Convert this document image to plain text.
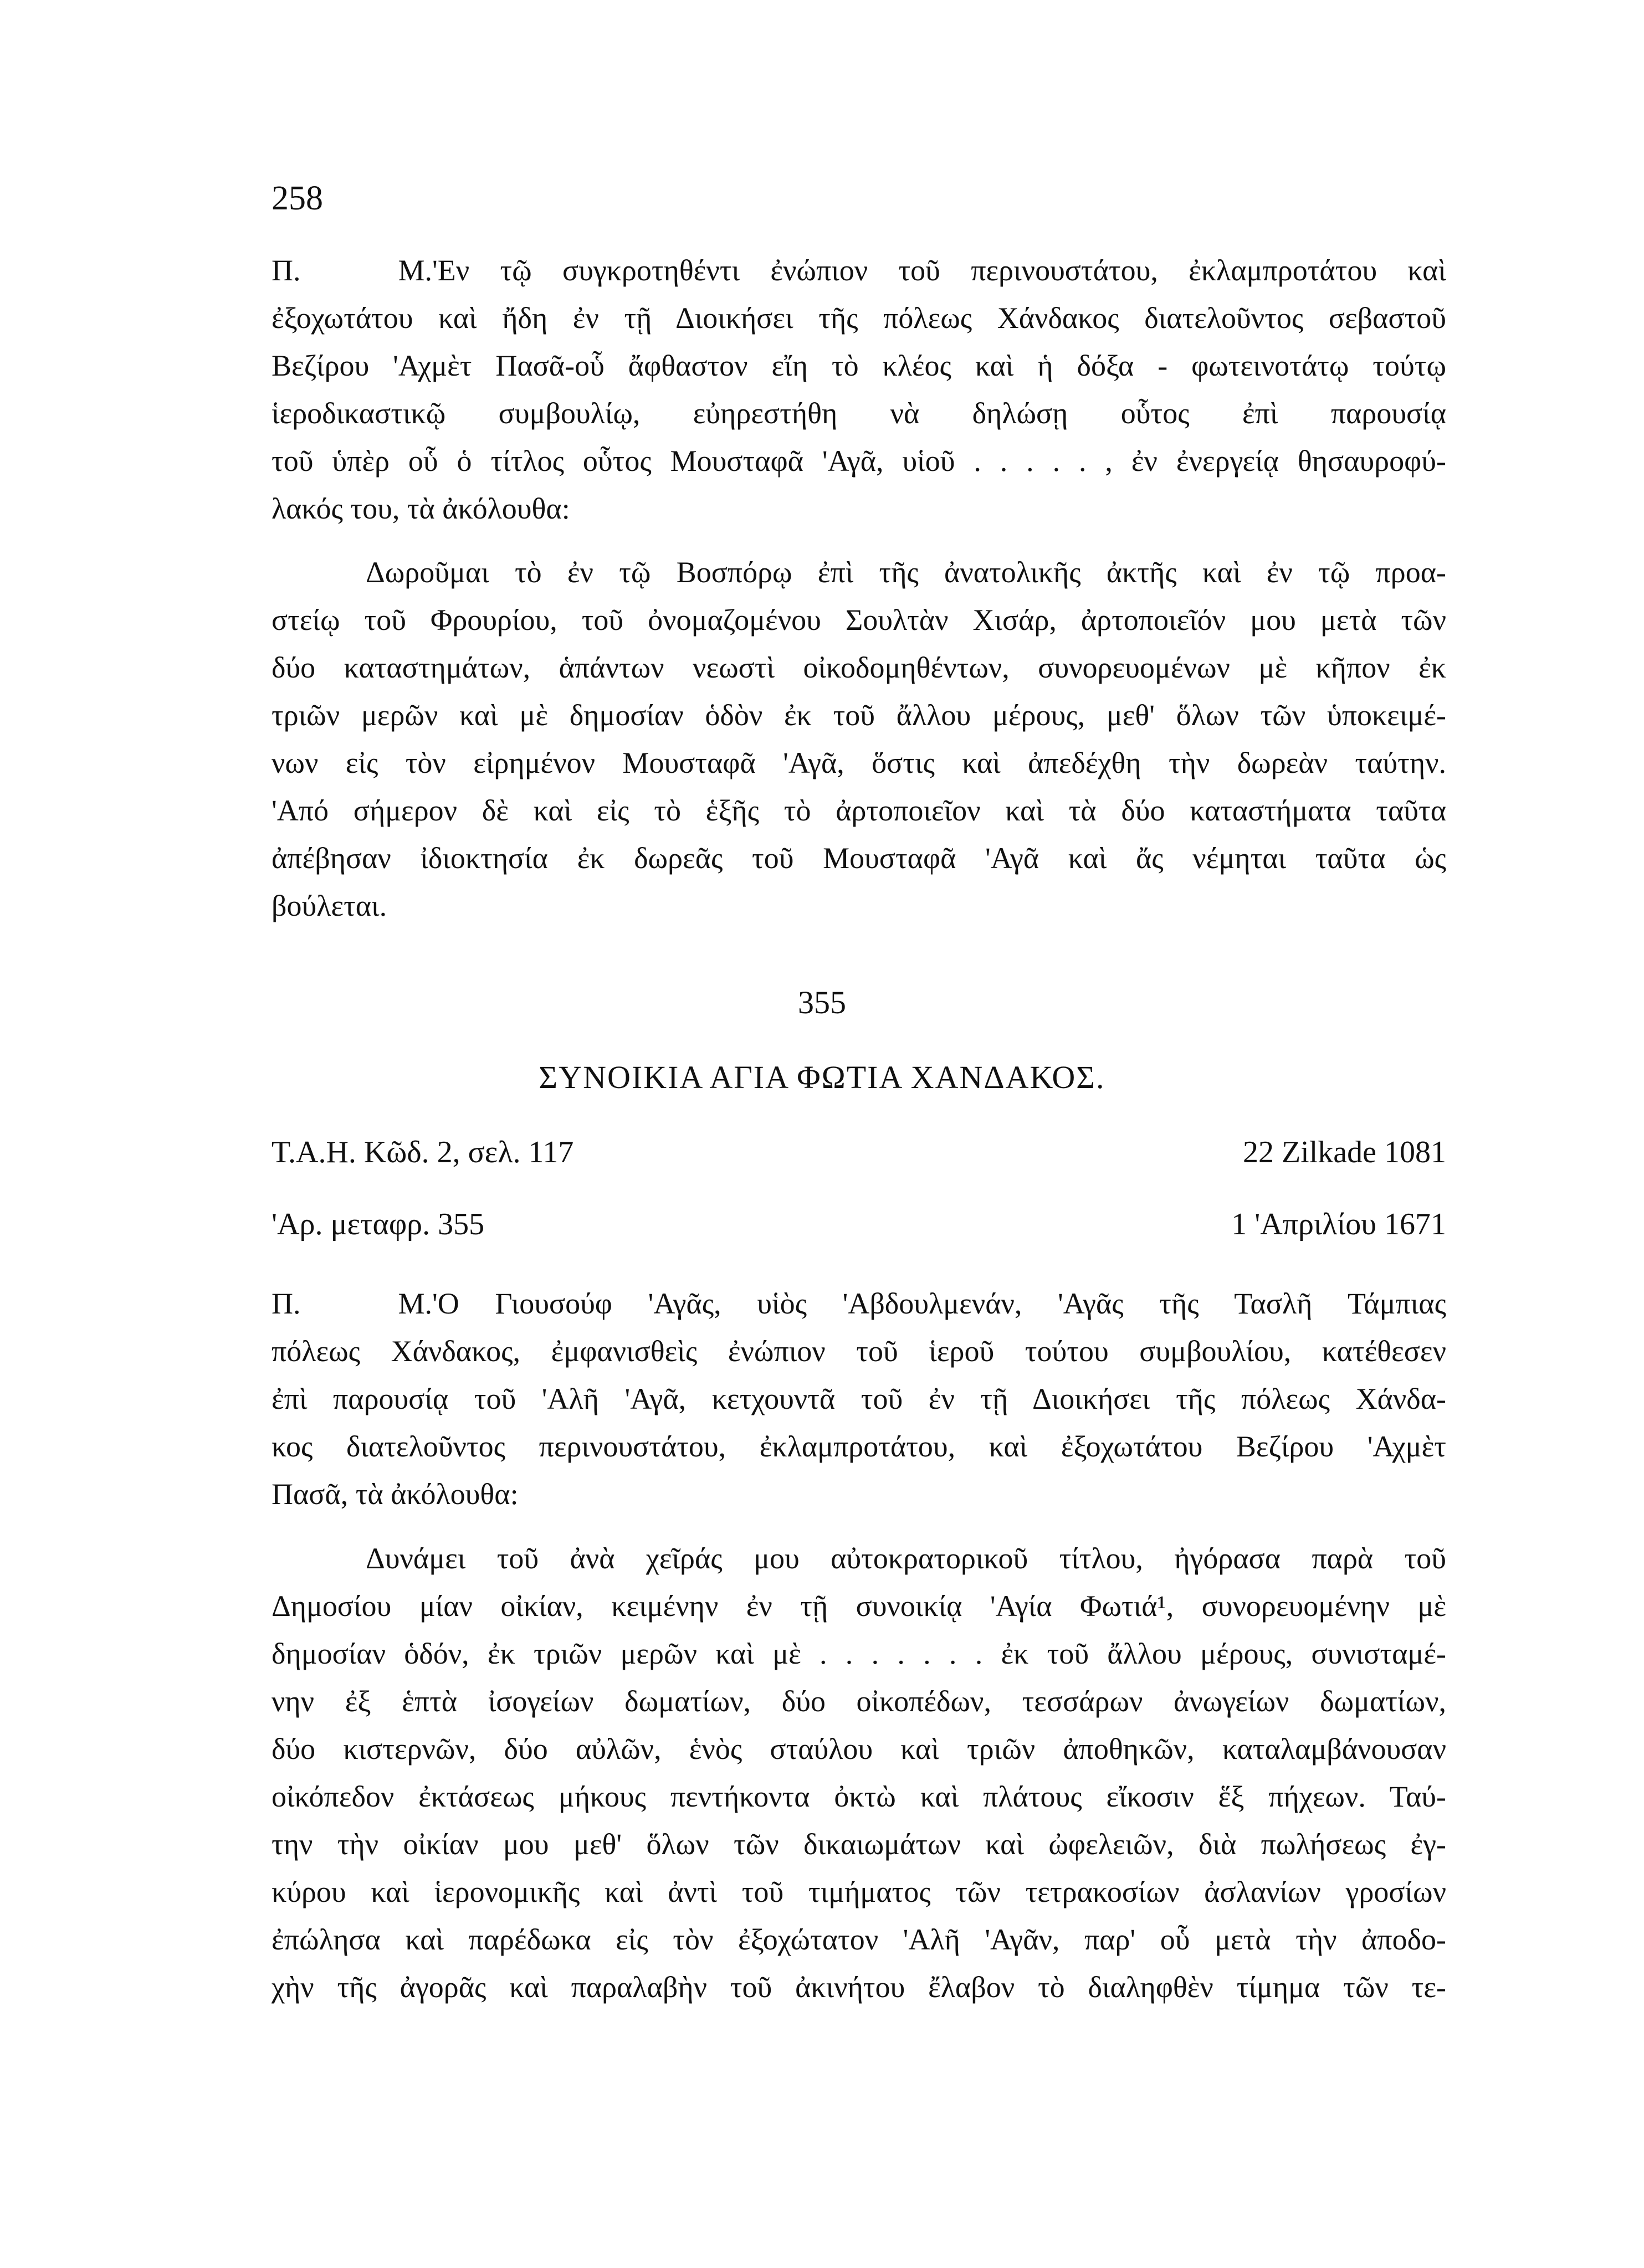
258
Π. Μ.'Εν τῷ συγκροτηθέντι ἐνώπιον τοῦ περινουστάτου, ἐκλαμπροτάτου καὶ
ἐξοχωτάτου καὶ ἤδη ἐν τῇ Διοικήσει τῆς πόλεως Χάνδακος διατελοῦντος σεβαστοῦ
Βεζίρου 'Αχμὲτ Πασᾶ-οὗ ἄφθαστον εἴη τὸ κλέος καὶ ἡ δόξα - φωτεινοτάτῳ τούτῳ
ἱεροδικαστικῷ συμβουλίῳ, εὐηρεστήθη νὰ δηλώσῃ οὗτος ἐπὶ παρουσίᾳ
τοῦ ὑπὲρ οὗ ὁ τίτλος οὗτος Μουσταφᾶ 'Αγᾶ, υἱοῦ . . . . . , ἐν ἐνεργείᾳ θησαυροφύ-
λακός του, τὰ ἀκόλουθα:
Δωροῦμαι τὸ ἐν τῷ Βοσπόρῳ ἐπὶ τῆς ἀνατολικῆς ἀκτῆς καὶ ἐν τῷ προα-
στείῳ τοῦ Φρουρίου, τοῦ ὀνομαζομένου Σουλτὰν Χισάρ, ἀρτοποιεῖόν μου μετὰ τῶν
δύο καταστημάτων, ἁπάντων νεωστὶ οἰκοδομηθέντων, συνορευομένων μὲ κῆπον ἐκ
τριῶν μερῶν καὶ μὲ δημοσίαν ὁδὸν ἐκ τοῦ ἄλλου μέρους, μεθ' ὅλων τῶν ὑποκειμέ-
νων εἰς τὸν εἰρημένον Μουσταφᾶ 'Αγᾶ, ὅστις καὶ ἀπεδέχθη τὴν δωρεὰν ταύτην.
'Από σήμερον δὲ καὶ εἰς τὸ ἑξῆς τὸ ἀρτοποιεῖον καὶ τὰ δύο καταστήματα ταῦτα
ἀπέβησαν ἰδιοκτησία ἐκ δωρεᾶς τοῦ Μουσταφᾶ 'Αγᾶ καὶ ἄς νέμηται ταῦτα ὡς
βούλεται.
355
ΣΥΝΟΙΚΙΑ ΑΓΙΑ ΦΩΤΙΑ ΧΑΝΔΑΚΟΣ.
Τ.Α.Η. Κῶδ. 2, σελ. 117	22 Zilkade 1081
'Αρ. μεταφρ. 355	1 'Απριλίου 1671
Π. Μ.'Ο Γιουσούφ 'Αγᾶς, υἱὸς 'Αβδουλμενάν, 'Αγᾶς τῆς Τασλῆ Τάμπιας
πόλεως Χάνδακος, ἐμφανισθεὶς ἐνώπιον τοῦ ἱεροῦ τούτου συμβουλίου, κατέθεσεν
ἐπὶ παρουσίᾳ τοῦ 'Αλῆ 'Αγᾶ, κετχουντᾶ τοῦ ἐν τῇ Διοικήσει τῆς πόλεως Χάνδα-
κος διατελοῦντος περινουστάτου, ἐκλαμπροτάτου, καὶ ἐξοχωτάτου Βεζίρου 'Αχμὲτ
Πασᾶ, τὰ ἀκόλουθα:
Δυνάμει τοῦ ἀνὰ χεῖράς μου αὐτοκρατορικοῦ τίτλου, ἠγόρασα παρὰ τοῦ
Δημοσίου μίαν οἰκίαν, κειμένην ἐν τῇ συνοικίᾳ 'Αγία Φωτιά¹, συνορευομένην μὲ
δημοσίαν ὁδόν, ἐκ τριῶν μερῶν καὶ μὲ . . . . . . . ἐκ τοῦ ἄλλου μέρους, συνισταμέ-
νην ἐξ ἑπτὰ ἰσογείων δωματίων, δύο οἰκοπέδων, τεσσάρων ἀνωγείων δωματίων,
δύο κιστερνῶν, δύο αὐλῶν, ἑνὸς σταύλου καὶ τριῶν ἀποθηκῶν, καταλαμβάνουσαν
οἰκόπεδον ἐκτάσεως μήκους πεντήκοντα ὀκτὼ καὶ πλάτους εἴκοσιν ἕξ πήχεων. Ταύ-
την τὴν οἰκίαν μου μεθ' ὅλων τῶν δικαιωμάτων καὶ ὠφελειῶν, διὰ πωλήσεως ἐγ-
κύρου καὶ ἱερονομικῆς καὶ ἀντὶ τοῦ τιμήματος τῶν τετρακοσίων ἀσλανίων γροσίων
ἐπώλησα καὶ παρέδωκα εἰς τὸν ἐξοχώτατον 'Αλῆ 'Αγᾶν, παρ' οὗ μετὰ τὴν ἀποδο-
χὴν τῆς ἀγορᾶς καὶ παραλαβὴν τοῦ ἀκινήτου ἔλαβον τὸ διαληφθὲν τίμημα τῶν τε-
